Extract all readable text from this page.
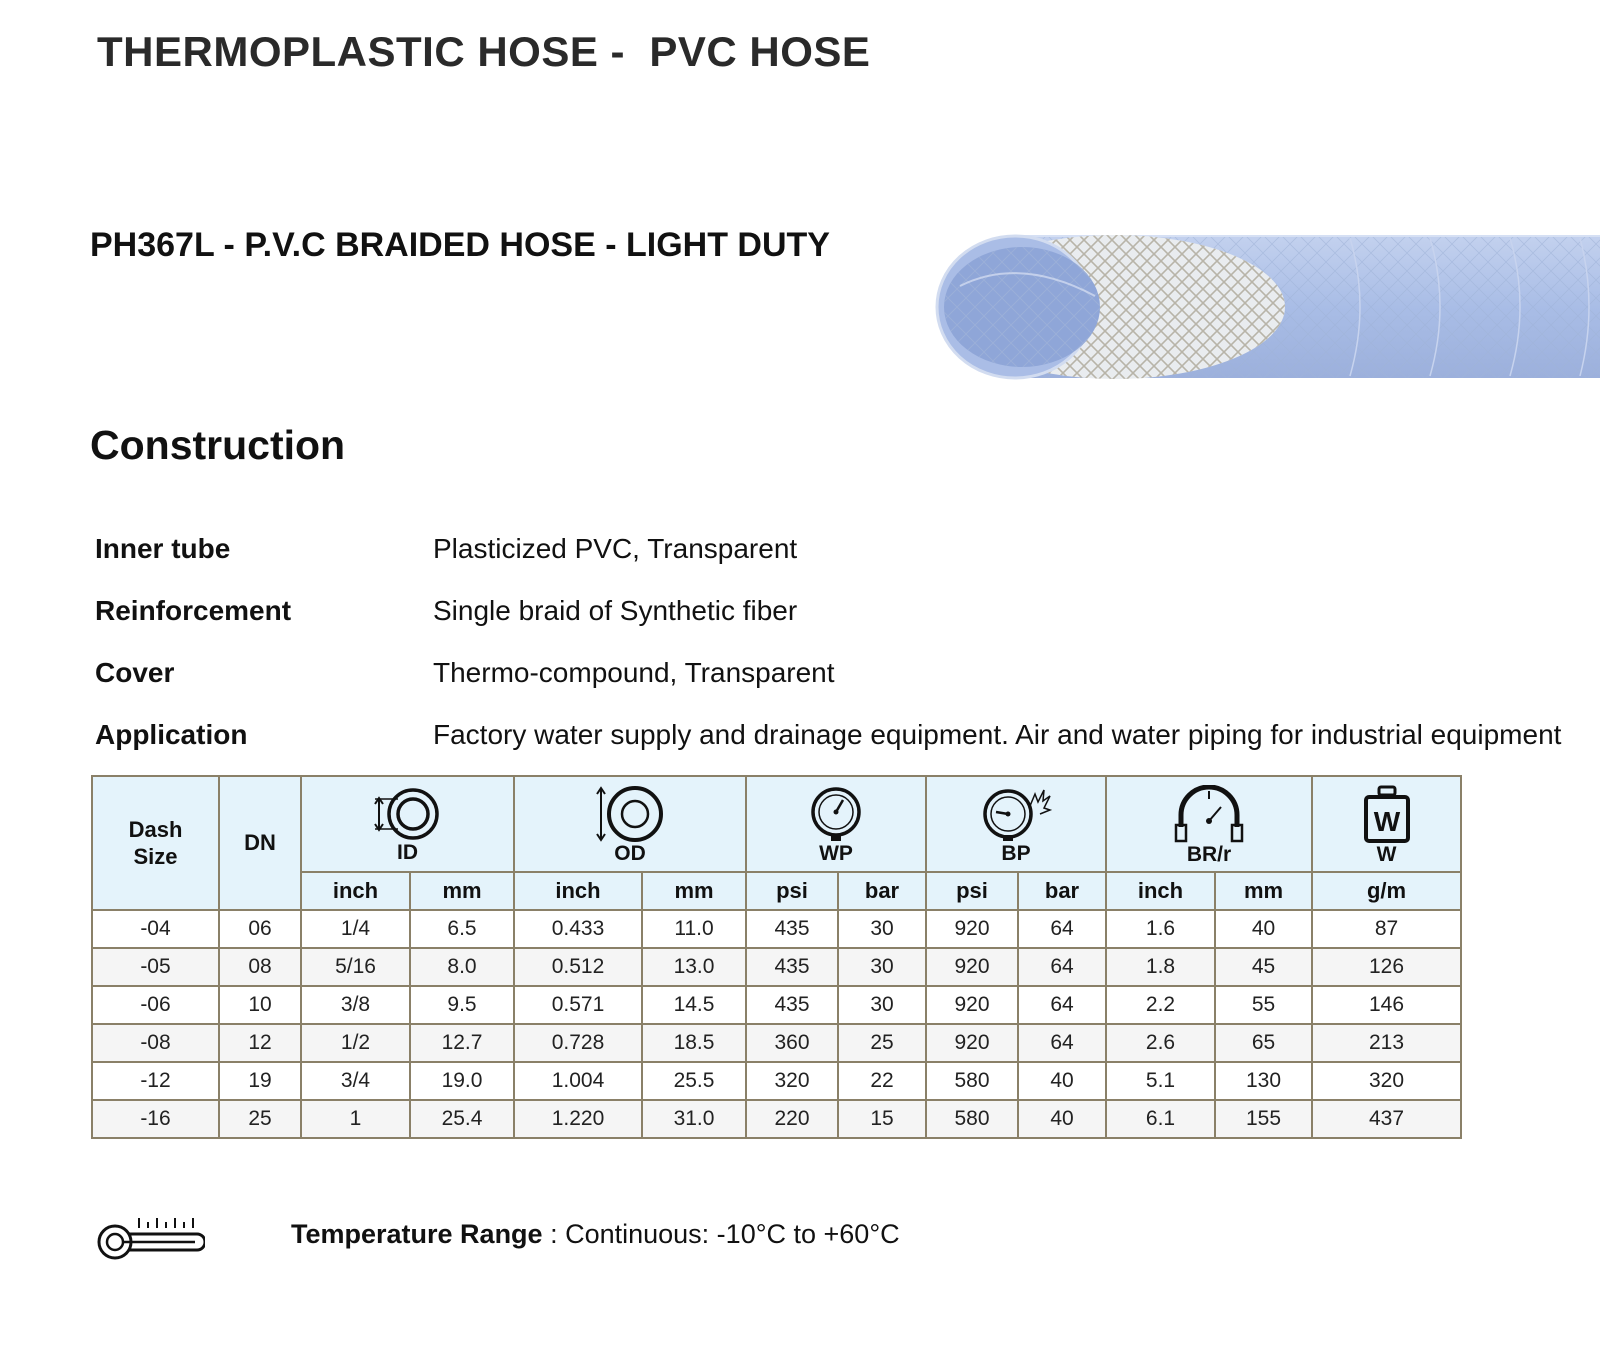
THERMOPLASTIC HOSE -  PVC HOSE
PH367L - P.V.C BRAIDED HOSE - LIGHT DUTY
Construction
Inner tube	Plasticized PVC, Transparent
Reinforcement	Single braid of Synthetic fiber
Cover	Thermo-compound, Transparent
Application	Factory water supply and drainage equipment. Air and water piping for industrial equipment
Dash
Size	DN	ID		OD		WP		BP		BR/r		W
W

		inch	mm	inch	mm	psi	bar	psi	bar	inch	mm	g/m
-04	06	1/4	6.5	0.433	11.0	435	30	920	64	1.6	40	87
-05	08	5/16	8.0	0.512	13.0	435	30	920	64	1.8	45	126
-06	10	3/8	9.5	0.571	14.5	435	30	920	64	2.2	55	146
-08	12	1/2	12.7	0.728	18.5	360	25	920	64	2.6	65	213
-12	19	3/4	19.0	1.004	25.5	320	22	580	40	5.1	130	320
-16	25	1	25.4	1.220	31.0	220	15	580	40	6.1	155	437
Temperature Range : Continuous: -10°C to +60°C
